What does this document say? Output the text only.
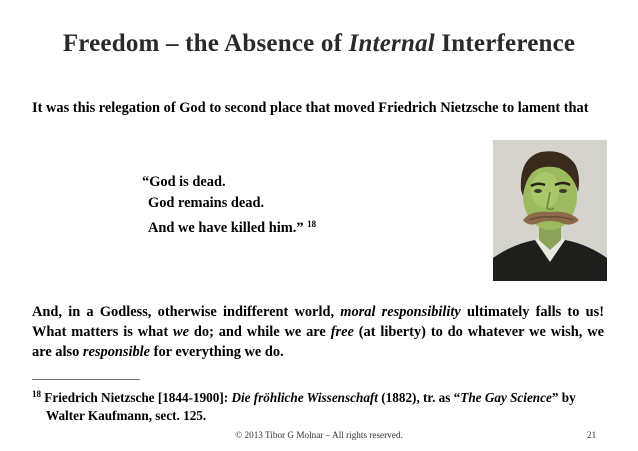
Freedom – the Absence of Internal Interference
It was this relegation of God to second place that moved Friedrich Nietzsche to lament that
“God is dead.
God remains dead.
And we have killed him.” $^{18}$
And, in a Godless, otherwise indifferent world, moral responsibility ultimately falls to us! What matters is what we do; and while we are free (at liberty) to do whatever we wish, we are also responsible for everything we do.
$^{18}$ Friedrich Nietzsche [1844-1900]: Die fröhliche Wissenschaft (1882), tr. as “The Gay Science” by
Walter Kaufmann, sect. 125.
© 2013 Tibor G Molnar – All rights reserved.	21
